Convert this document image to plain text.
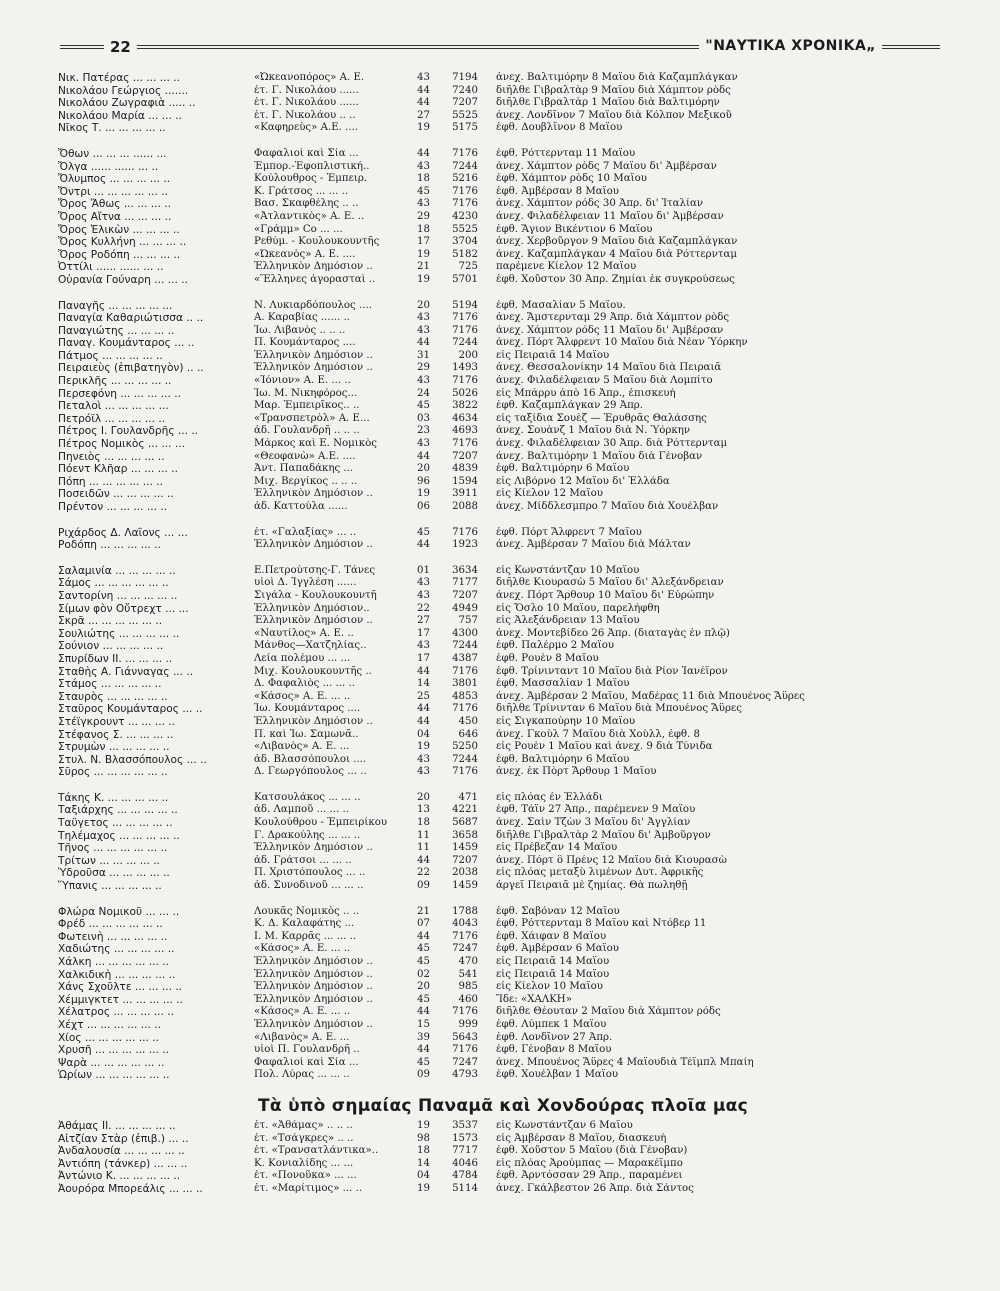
22	"ΝΑΥΤΙΚΑ ΧΡΟΝΙΚΑ„
Νικ. Πατέρας ... ... ... ..	«Ὠκεανοπόρος» Α. Ε.	43	7194	ἀνεχ. Βαλτιμόρην 8 Μαΐου διὰ Καζαμπλάγκαν
Νικολάου Γεώργιος .......	ἐτ. Γ. Νικολάου ......	44	7240	διῆλθε Γιβραλτὰρ 9 Μαΐου διὰ Χάμπτον ρὸδς
Νικολάου Ζωγραφιὰ ..... ..	ἐτ. Γ. Νικολάου ......	44	7207	διῆλθε Γιβραλτὰρ 1 Μαΐου διὰ Βαλτιμόρην
Νικολάου Μαρία ... ... ..	ἐτ. Γ. Νικολάου .. ..	27	5525	ἀνεχ. Λονδῖνον 7 Μαΐου διὰ Κόλπον Μεξικοῦ
Νῖκος Τ. ... ... ... ... ..	«Καφηρεὺς» Α.Ε. ....	19	5175	ἐφθ. Δουβλῖνον 8 Μαΐου
Ὄθων ... ... ... ...... ...	Φαφαλιοὶ καὶ Σία ...	44	7176	ἐφθ. Ρόττερνταμ 11 Μαΐου
Ὄλγα ...... ...... ... ..	Ἐμπορ.-Ἐφοπλιστική..	43	7244	ἀνεχ. Χάμπτον ρὸδς 7 Μαΐου δι' Ἀμβέρσαν
Ὄλυμπος ... ... ... ... ..	Κούλουθρος - Ἐμπειρ.	18	5216	ἐφθ. Χάμπτον ρὸδς 10 Μαΐου
Ὄντρι ... ... ... ... ... ..	Κ. Γράτσος ... ... ..	45	7176	ἐφθ. Ἀμβέρσαν 8 Μαΐου
Ὄρος Ἄθως ... ... ... ..	Βασ. Σκαφθέλης .. ..	43	7176	ἀνεχ. Χάμπτον ρόδς 30 Ἀπρ. δι' Ἰταλίαν
Ὄρος Αἴτνα ... ... ... ..	«Ἀτλαντικὸς» Α. Ε. ..	29	4230	ἀνεχ. Φιλαδέλφειαν 11 Μαΐου δι' Ἀμβέρσαν
Ὄρος Ἑλικὼν ... ... ... ..	«Γράμμ» Co ... ...	18	5525	ἐφθ. Ἅγιον Βικέντιον 6 Μαΐου
Ὄρος Κυλλήνη ... ... ... ..	Ρεθύμ. - Κουλουκουντῆς	17	3704	ἀνεχ. Χερβοῦργον 9 Μαΐου διὰ Καζαμπλάγκαν
Ὄρος Ροδόπη ... ... ... ..	«Ὠκεανὸς» Α. Ε. ....	19	5182	ἀνεχ. Καζαμπλάγκαν 4 Μαΐου διὰ Ρόττερνταμ
Ὀττίλι ...... ...... ... ..	Ἑλληνικὸν Δημόσιον ..	21	725	παρέμενε Κίελον 12 Μαΐου
Οὐρανία Γούναρη ... ... ..	«Ἕλληνες ἀγορασταὶ ..	19	5701	ἐφθ. Χοῦστον 30 Ἀπρ. Ζημίαι ἐκ συγκρούσεως
Παναγῆς ... ... ... ... ...	Ν. Λυκιαρδόπουλος ....	20	5194	ἐφθ. Μασαλίαν 5 Μαΐου.
Παναγία Καθαριώτισσα .. ..	Α. Καραβίας ...... ..	43	7176	ἀνεχ. Ἄμστερνταμ 29 Ἀπρ. διὰ Χάμπτον ρὸδς
Παναγιώτης ... ... ... ..	Ἰω. Λιβανὸς .. .. ..	43	7176	ἀνεχ. Χάμπτον ρόδς 11 Μαΐου δι' Ἀμβέρσαν
Παναγ. Κουμάνταρος ... ..	Π. Κουμάνταρος ....	44	7244	ἀνεχ. Πόρτ Ἄλφρεντ 10 Μαΐου διὰ Νέαν Ὑόρκην
Πάτμος ... ... ... ... ..	Ἑλληνικὸν Δημόσιον ..	31	200	εἰς Πειραιᾶ 14 Μαΐου
Πειραιεὺς (ἐπιβατηγὸν) .. ..	Ἑλληνικὸν Δημόσιον ..	29	1493	ἀνεχ. Θεσσαλονίκην 14 Μαΐου διὰ Πειραιᾶ
Περικλῆς ... ... ... ... ..	«Ἰόνιον» Α. Ε. ... ..	43	7176	ἀνεχ. Φιλαδέλφειαν 5 Μαΐου διὰ Λομπίτο
Περσεφόνη ... ... ... ... ..	Ἰω. Μ. Νικηφόρος...	24	5026	εἰς Μπάρρυ ἀπὸ 16 Ἀπρ., ἐπισκευὴ
Πεταλοὶ ... ... ... ... ...	Μαρ. Ἐμπειρῖκος.. ..	45	3822	ἐφθ. Καζαμπλάγκαν 29 Ἀπρ.
Πετρόϊλ ... ... ... ... ..	«Τρανσπετρὸλ» Α. Ε...	03	4634	εἰς ταξίδια Σουὲζ — Ἐρυθρᾶς Θαλάσσης
Πέτρος Ι. Γουλανδρῆς ... ..	ἀδ. Γουλανδρῆ .. .. ..	23	4693	ἀνεχ. Σουὰνζ 1 Μαΐου διὰ Ν. Ὑόρκην
Πέτρος Νομικὸς ... ... ...	Μάρκος καὶ Ε. Νομικὸς	43	7176	ἀνεχ. Φιλαδέλφειαν 30 Ἀπρ. διὰ Ρόττερνταμ
Πηνειὸς ... ... ... ... ..	«Θεοφανὼ» Α.Ε. ....	44	7207	ἀνεχ. Βαλτιμόρην 1 Μαΐου διὰ Γένοβαν
Πόεντ Κλῆαρ ... ... ... ..	Ἀντ. Παπαδάκης ...	20	4839	ἐφθ. Βαλτιμόρην 6 Μαΐου
Πόπη ... ... ... ... ... ..	Μιχ. Βεργίκος .. .. ..	96	1594	εἰς Λιβόρνο 12 Μαΐου δι' Ἑλλάδα
Ποσειδῶν ... ... ... ... ..	Ἑλληνικὸν Δημόσιον ..	19	3911	εἰς Κίελον 12 Μαΐου
Πρέντον ... ... ... ... ..	ἀδ. Καττούλα ......	06	2088	ἀνεχ. Μίδδλεσμπρο 7 Μαΐου διὰ Χουέλβαν
Ριχάρδος Δ. Λαΐονς ... ...	ἐτ. «Γαλαξίας» ... ..	45	7176	ἐφθ. Πόρτ Ἄλφρεντ 7 Μαΐου
Ροδόπη ... ... ... ... ..	Ἑλληνικὸν Δημόσιον ..	44	1923	ἀνεχ. Ἀμβέρσαν 7 Μαΐου διὰ Μάλταν
Σαλαμινία ... ... ... ... ..	Ε.Πετρούτσης-Γ. Τάνες	01	3634	εἰς Κωνστάντζαν 10 Μαΐου
Σάμος ... ... ... ... ... ..	υἱοὶ Δ. Ἰγγλέση ......	43	7177	διῆλθε Κιουρασὼ 5 Μαΐου δι' Ἀλεξάνδρειαν
Σαντορίνη ... ... ... ... ..	Σιγάλα - Κουλουκουντῆ	43	7207	ἀνεχ. Πόρτ Ἄρθουρ 10 Μαΐου δι' Εὐρώπην
Σίμων φὸν Οὔτρεχτ ... ...	Ἑλληνικὸν Δημόσιον..	22	4949	εἰς Ὄσλο 10 Μαΐου, παρελήφθη
Σκρᾶ ... ... ... ... ... ..	Ἑλληνικὸν Δημόσιον ..	27	757	εἰς Ἀλεξάνδρειαν 13 Μαΐου
Σουλιώτης ... ... ... ... ..	«Ναυτίλος» Α. Ε. ..	17	4300	ἀνεχ. Μοντεβίδεο 26 Ἀπρ. (διαταγὰς ἐν πλῷ)
Σούνιον ... ... ... ... ..	Μάνθος—Χατζηλίας..	43	7244	ἐφθ. Παλέρμο 2 Μαΐου
Σπυρίδων ΙΙ. ... ... ... ..	Λεία πολέμου ... ...	17	4387	ἐφθ. Ρουὲν 8 Μαΐου
Σταθὴς Α. Γιάνναγας ... ..	Μιχ. Κουλουκουντῆς ..	44	7176	ἐφθ. Τρίνινταντ 10 Μαΐου διὰ Ρίον Ἰανέϊρον
Στάμος ... ... ... ... ..	Δ. Φαφαλιὸς ... ... ..	14	3801	ἐφθ. Μασσαλίαν 1 Μαΐου
Σταυρὸς ... ... ... ... ..	«Κάσος» Α. Ε. ... ..	25	4853	ἀνεχ. Ἀμβέρσαν 2 Μαΐου, Μαδέρας 11 διὰ Μπουένος Ἄϋρες
Σταῦρος Κουμάνταρος ... ..	Ἰω. Κουμάνταρος ....	44	7176	διῆλθε Τρίνινταν 6 Μαΐου διὰ Μπουένος Ἄϋρες
Στέϊγκρουντ ... ... ... ..	Ἑλληνικὸν Δημόσιον ..	44	450	εἰς Σιγκαπούρην 10 Μαΐου
Στέφανος Σ. ... ... ... ..	Π. καὶ Ἰω. Σαμωνᾶ..	04	646	ἀνεχ. Γκοὺλ 7 Μαΐου διὰ Χοὺλλ, ἐφθ. 8
Στρυμὼν ... ... ... ... ..	«Λιβανὸς» Α. Ε. ...	19	5250	εἰς Ρουὲν 1 Μαΐου καὶ ἀνεχ. 9 διὰ Τύνιδα
Στυλ. Ν. Βλασσόπουλος ... ..	ἀδ. Βλασσόπουλοι ....	43	7244	ἐφθ. Βαλτιμόρην 6 Μαΐου
Σῦρος ... ... ... ... ... ..	Δ. Γεωργόπουλος ... ..	43	7176	ἀνεχ. ἐκ Πὸρτ Ἄρθουρ 1 Μαΐου
Τάκης Κ. ... ... ... ... ..	Κατσουλάκος ... ... ..	20	471	εἰς πλόας ἐν Ἑλλάδι
Ταξιάρχης ... ... ... ... ..	ἀδ. Λαμποῦ ... ... ..	13	4221	ἐφθ. Τάϊν 27 Ἀπρ., παρέμενεν 9 Μαΐου
Ταΰγετος ... ... ... ... ..	Κουλούθρου - Ἐμπειρίκου	18	5687	ἀνεχ. Σαὶν Τζὼν 3 Μαΐου δι' Ἀγγλίαν
Τηλέμαχος ... ... ... ... ..	Γ. Δρακούλης ... ... ..	11	3658	διῆλθε Γιβραλτὰρ 2 Μαΐου δι' Ἀμβοῦργον
Τῆνος ... ... ... ... ... ..	Ἑλληνικὸν Δημόσιον ..	11	1459	εἰς Πρέβεζαν 14 Μαΐου
Τρίτων ... ... ... ... ..	ἀδ. Γράτσοι ... ... ..	44	7207	ἀνεχ. Πόρτ ὂ Πρένς 12 Μαΐου διὰ Κιουρασὼ
Ὑδροῦσα ... ... ... ... ..	Π. Χριστόπουλος ... ..	22	2038	εἰς πλόας μεταξὺ λιμένων Δυτ. Ἀφρικῆς
Ὕπανις ... ... ... ... ..	ἀδ. Συνοδινοῦ ... ... ..	09	1459	ἀργεῖ Πειραιᾶ μὲ ζημίας. Θὰ πωληθῇ
Φλώρα Νομικοῦ ... ... ..	Λουκᾶς Νομικὸς .. ..	21	1788	ἐφθ. Σαβόναν 12 Μαΐου
Φρέδ ... ... ... ... ... ..	Κ. Δ. Καλαφάτης ...	07	4043	ἐφθ. Ρόττερνταμ 8 Μαΐου καὶ Ντόβερ 11
Φωτεινὴ ... ... ... ... ..	Ι. Μ. Καρρᾶς ... ... ..	44	7176	ἐφθ. Χάιφαν 8 Μαΐου
Χαδιώτης ... ... ... ... ..	«Κάσος» Α. Ε. ... ..	45	7247	ἐφθ. Ἀμβέρσαν 6 Μαΐου
Χάλκη ... ... ... ... ... ..	Ἑλληνικὸν Δημόσιον ..	45	470	εἰς Πειραιᾶ 14 Μαΐου
Χαλκιδικὴ ... ... ... ... ..	Ἑλληνικὸν Δημόσιον ..	02	541	εἰς Πειραιᾶ 14 Μαΐου
Χάνς Σχοῦλτε ... ... ... ..	Ἑλληνικὸν Δημόσιον ..	20	985	εἰς Κίελον 10 Μαΐου
Χέμμιγκτετ ... ... ... ... ..	Ἑλληνικὸν Δημόσιον ..	45	460	Ἴδε: «ΧΑΛΚΗ»
Χέλατρος ... ... ... ... ..	«Κάσος» Α. Ε. ... ..	44	7176	διῆλθε Θέουταν 2 Μαΐου διὰ Χάμπτον ρόδς
Χέχτ ... ... ... ... ... ..	Ἑλληνικὸν Δημόσιον ..	15	999	ἐφθ. Λύμπεκ 1 Μαΐου
Χίος ... ... ... ... ... ..	«Λιβανὸς» Α. Ε. ...	39	5643	ἐφθ. Λονδῖνον 27 Ἀπρ.
Χρυσῆ ... ... ... ... ... ..	υἱοὶ Π. Γουλανδρῆ ..	44	7176	ἐφθ. Γένοβαν 8 Μαΐου
Ψαρὰ ... ... ... ... ... ..	Φαφαλιοὶ καὶ Σία ...	45	7247	ἀνεχ. Μπουένος Ἄϋρες 4 Μαΐουδιὰ Τέϊμπλ Μπαίη
Ὡρίων ... ... ... ... ... ..	Πολ. Λύρας ... ... ..	09	4793	ἐφθ. Χουέλβαν 1 Μαΐου
Τὰ ὑπὸ σημαίας Παναμᾶ καὶ Χονδούρας πλοῖα μας
Ἀθάμας ΙΙ. ... ... ... ... ..	ἐτ. «Ἀθάμας» .. .. ..	19	3537	εἰς Κωνστάντζαν 6 Μαΐου
Αἰτζίαν Στὰρ (ἐπιβ.) ... ..	ἐτ. «Τσάγκρες» .. ..	98	1573	εἰς Ἀμβέρσαν 8 Μαΐου, διασκευὴ
Ἀνδαλουσία ... ... ... ... ..	ἐτ. «Τρανσατλάντικα»..	18	7717	ἐφθ. Χοῦστον 5 Μαΐου (διὰ Γένοβαν)
Ἀντιόπη (τάνκερ) ... ... ..	Κ. Κονιαλίδης ... ...	14	4046	εἰς πλόας Ἀρούμπας — Μαρακέϊμπο
Ἀντώνιο Κ. ... ... ... ... ..	ἐτ. «Πονοῦκα» ... ...	04	4784	ἐφθ. Ἀρντόσσαν 29 Ἀπρ., παραμένει
Ἀουρόρα Μπορεάλις ... ... ..	ἐτ. «Μαρίτιμος» ... ..	19	5114	ἀνεχ. Γκάλβεστον 26 Ἀπρ. διὰ Σάντος
